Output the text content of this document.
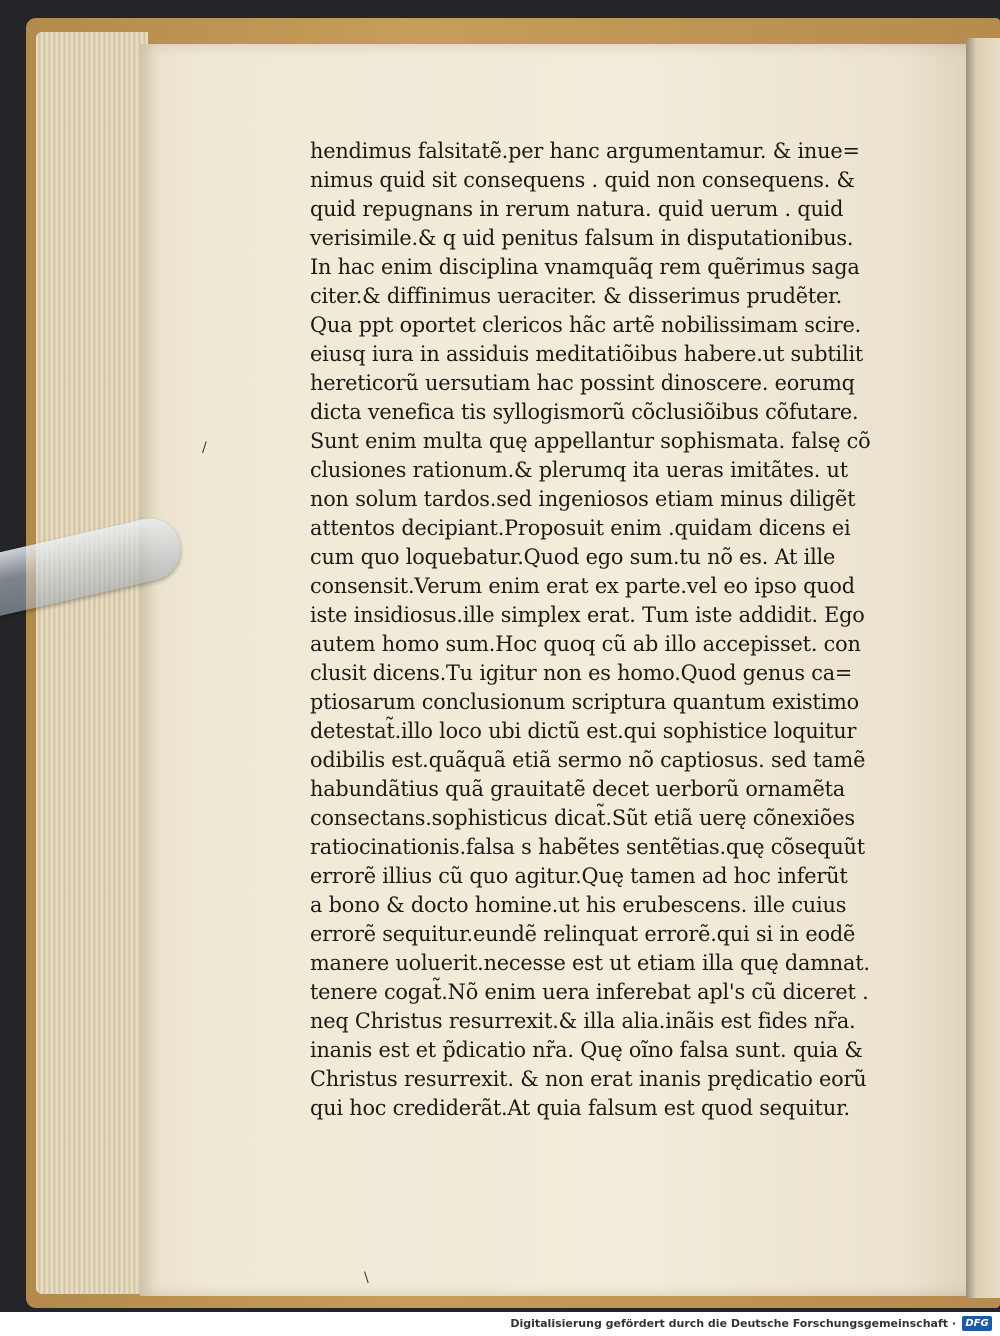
hendimus falsitatẽ.per hanc argumentamur. & inue=
nimus quid sit consequens . quid non consequens. &
quid repugnans in rerum natura. quid uerum . quid
verisimile.& q uid penitus falsum in disputationibus.
In hac enim disciplina vnamquãq rem quẽrimus saga
citer.& diffinimus ueraciter. & disserimus prudẽter.
Qua ppt oportet clericos hãc artẽ nobilissimam scire.
eiusq iura in assiduis meditatiõibus habere.ut subtilit
hereticorũ uersutiam hac possint dinoscere. eorumq
dicta venefica tis syllogismorũ cõclusiõibus cõfutare.
Sunt enim multa quę appellantur sophismata. falsę cõ
clusiones rationum.& plerumq ita ueras imitãtes. ut
non solum tardos.sed ingeniosos etiam minus diligẽt
attentos decipiant.Proposuit enim .quidam dicens ei
cum quo loquebatur.Quod ego sum.tu nõ es. At ille
consensit.Verum enim erat ex parte.vel eo ipso quod
iste insidiosus.ille simplex erat. Tum iste addidit. Ego
autem homo sum.Hoc quoq cũ ab illo accepisset. con
clusit dicens.Tu igitur non es homo.Quod genus ca=
ptiosarum conclusionum scriptura quantum existimo
detestat̃.illo loco ubi dictũ est.qui sophistice loquitur
odibilis est.quãquã etiã sermo nõ captiosus. sed tamẽ
habundãtius quã grauitatẽ decet uerborũ ornamẽta
consectans.sophisticus dicat̃.Sũt etiã uerę cõnexiões
ratiocinationis.falsa s habẽtes sentẽtias.quę cõsequũt
errorẽ illius cũ quo agitur.Quę tamen ad hoc inferũt
a bono & docto homine.ut his erubescens. ille cuius
errorẽ sequitur.eundẽ relinquat errorẽ.qui si in eodẽ
manere uoluerit.necesse est ut etiam illa quę damnat.
tenere cogat̃.Nõ enim uera inferebat apl's cũ diceret .
neq Christus resurrexit.& illa alia.inãis est fides nr̃a.
inanis est et p̃dicatio nr̃a. Quę oĩno falsa sunt. quia &
Christus resurrexit. & non erat inanis prędicatio eorũ
qui hoc crediderãt.At quia falsum est quod sequitur.
/
\
Digitalisierung gefördert durch die Deutsche Forschungsgemeinschaft · DFG
